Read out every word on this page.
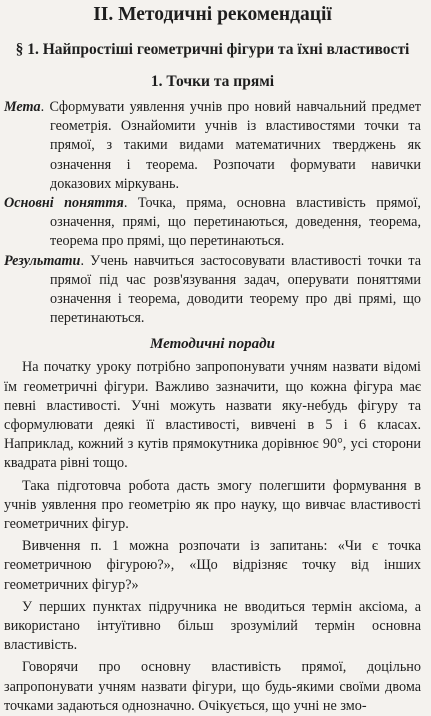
II. Методичні рекомендації
§ 1. Найпростіші геометричні фігури та їхні властивості
1. Точки та прямі

Мета. Сформувати уявлення учнів про новий навчальний предмет геометрія. Ознайомити учнів із властивостями точки та прямої, з такими видами математичних тверджень як означення і теорема. Розпочати формувати навички доказових міркувань.

Основні поняття. Точка, пряма, основна властивість прямої, означення, прямі, що перетинаються, доведення, теорема, теорема про прямі, що перетинаються.

Результати. Учень навчиться застосовувати властивості точки та прямої під час розв'язування задач, оперувати поняттями означення і теорема, доводити теорему про дві прямі, що перетинаються.

Методичні поради

На початку уроку потрібно запропонувати учням назвати відомі їм геометричні фігури. Важливо зазначити, що кожна фігура має певні властивості. Учні можуть назвати яку-небудь фігуру та сформулювати деякі її властивості, вивчені в 5 і 6 класах. Наприклад, кожний з кутів прямокутника дорівнює 90°, усі сторони квадрата рівні тощо.

Така підготовча робота дасть змогу полегшити формування в учнів уявлення про геометрію як про науку, що вивчає властивості геометричних фігур.

Вивчення п. 1 можна розпочати із запитань: «Чи є точка геометричною фігурою?», «Що відрізняє точку від інших геометричних фігур?»

У перших пунктах підручника не вводиться термін аксіома, а використано інтуїтивно більш зрозумілий термін основна властивість.

Говорячи про основну властивість прямої, доцільно запропонувати учням назвати фігури, що будь-якими своїми двома точками задаються однозначно. Очікується, що учні не змо-
